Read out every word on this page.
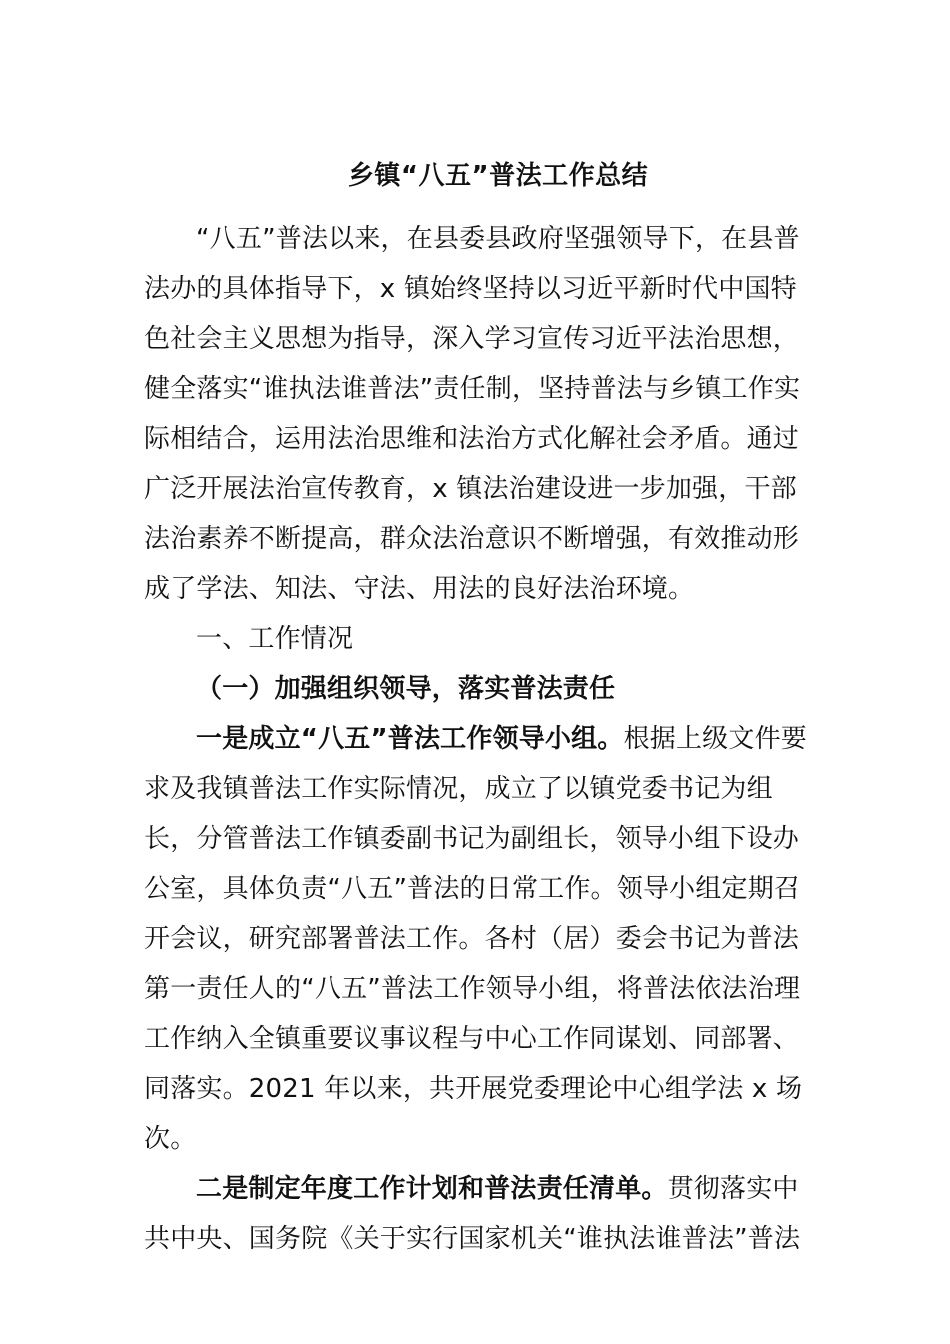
乡镇“八五”普法工作总结

“八五”普法以来，在县委县政府坚强领导下，在县普法办的具体指导下，x 镇始终坚持以习近平新时代中国特色社会主义思想为指导，深入学习宣传习近平法治思想，健全落实“谁执法谁普法”责任制，坚持普法与乡镇工作实际相结合，运用法治思维和法治方式化解社会矛盾。通过广泛开展法治宣传教育，x 镇法治建设进一步加强，干部法治素养不断提高，群众法治意识不断增强，有效推动形成了学法、知法、守法、用法的良好法治环境。

一、工作情况

（一）加强组织领导，落实普法责任

一是成立“八五”普法工作领导小组。根据上级文件要求及我镇普法工作实际情况，成立了以镇党委书记为组长，分管普法工作镇委副书记为副组长，领导小组下设办公室，具体负责“八五”普法的日常工作。领导小组定期召开会议，研究部署普法工作。各村（居）委会书记为普法第一责任人的“八五”普法工作领导小组，将普法依法治理工作纳入全镇重要议事议程与中心工作同谋划、同部署、同落实。2021 年以来，共开展党委理论中心组学法 x 场次。

二是制定年度工作计划和普法责任清单。贯彻落实中共中央、国务院《关于实行国家机关“谁执法谁普法”普法
